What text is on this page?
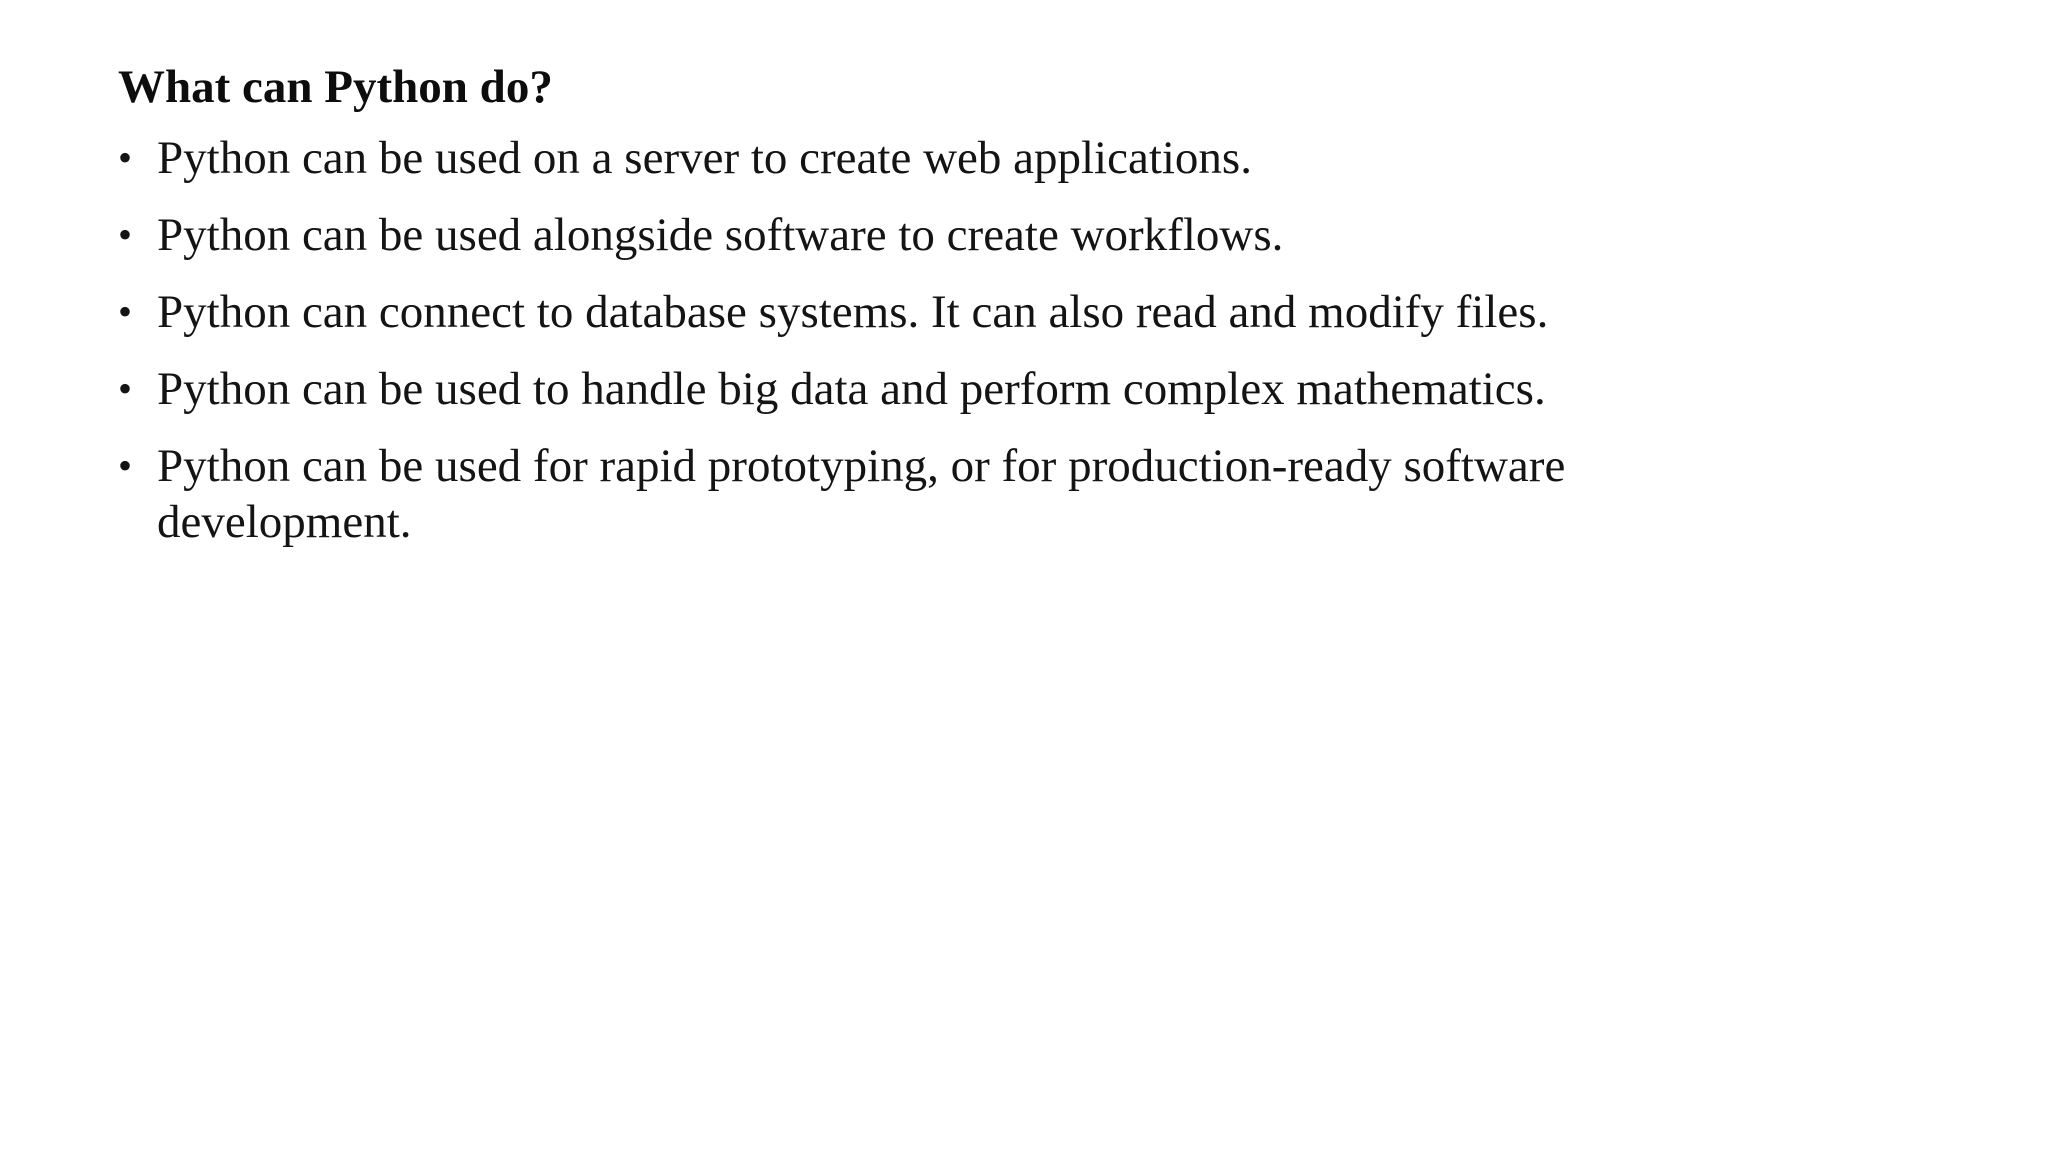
What can Python do?
• Python can be used on a server to create web applications.
• Python can be used alongside software to create workflows.
• Python can connect to database systems. It can also read and modify files.
• Python can be used to handle big data and perform complex mathematics.
• Python can be used for rapid prototyping, or for production-ready software development.
